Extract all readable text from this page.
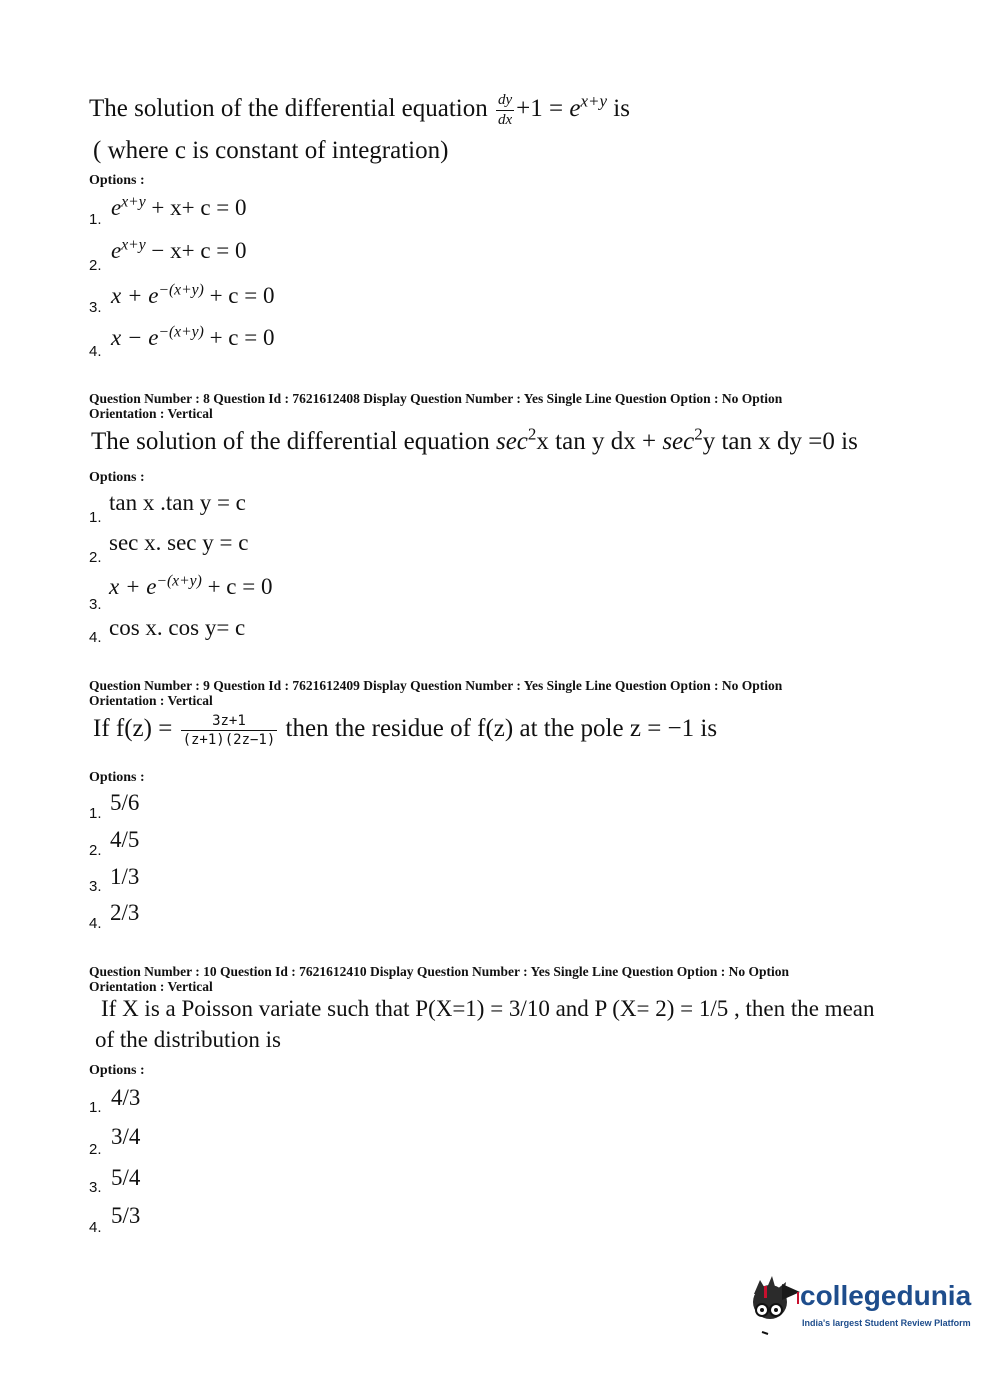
The solution of the differential equation $\frac{dy}{dx} +1 = e^{x+y}$ is
( where c is constant of integration)
Options :
1. $e^{x+y} + x+ c = 0$
2.
$e^{x+y} - x+ c = 0$
3. $x + e^{-(x+y)} + c = 0$
4.
$x - e^{-(x+y)} + c = 0$
Question Number : 8 Question Id : 7621612408 Display Question Number : Yes Single Line Question Option : No Option
Orientation : Vertical
The solution of the differential equation $\sec^2x$ tan y dx + $\sec^2y$ tan x dy =0 is
Options :
1.
tan x .tan y = c
2.
sec x. sec y = c
3.
$x + e^{-(x+y)} + c = 0$
4. cos x. cos y= c
Question Number : 9 Question Id : 7621612409 Display Question Number : Yes Single Line Question Option : No Option
Orientation : Vertical
If $f(z) = \frac{3z+1}{(z+1)(2z-1)}$ then the residue of f(z) at the pole z = −1 is
Options :
1. 5/6
2. 4/5
3. 1/3
4. 2/3
Question Number : 10 Question Id : 7621612410 Display Question Number : Yes Single Line Question Option : No Option
Orientation : Vertical
If X is a Poisson variate such that P(X=1) = 3/10 and P (X= 2) = 1/5 , then the mean
of the distribution is
Options :
1. 4/3
2.
3/4
3. 5/4
4. 5/3
collegedunia
India's largest Student Review Platform
